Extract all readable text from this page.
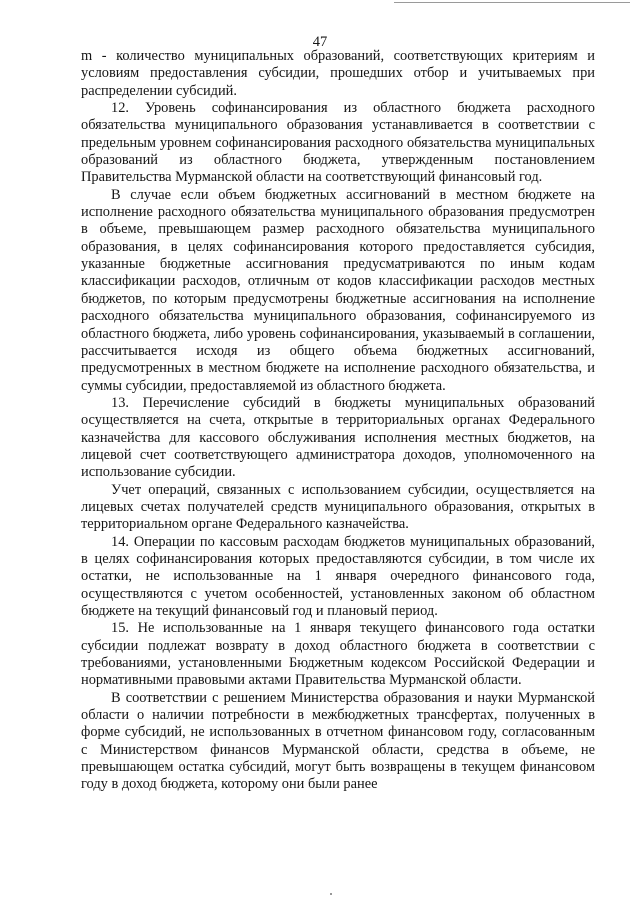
47

m - количество муниципальных образований, соответствующих критериям и условиям предоставления субсидии, прошедших отбор и учитываемых при распределении субсидий.

12. Уровень софинансирования из областного бюджета расходного обязательства муниципального образования устанавливается в соответствии с предельным уровнем софинансирования расходного обязательства муниципальных образований из областного бюджета, утвержденным постановлением Правительства Мурманской области на соответствующий финансовый год.

В случае если объем бюджетных ассигнований в местном бюджете на исполнение расходного обязательства муниципального образования предусмотрен в объеме, превышающем размер расходного обязательства муниципального образования, в целях софинансирования которого предоставляется субсидия, указанные бюджетные ассигнования предусматриваются по иным кодам классификации расходов, отличным от кодов классификации расходов местных бюджетов, по которым предусмотрены бюджетные ассигнования на исполнение расходного обязательства муниципального образования, софинансируемого из областного бюджета, либо уровень софинансирования, указываемый в соглашении, рассчитывается исходя из общего объема бюджетных ассигнований, предусмотренных в местном бюджете на исполнение расходного обязательства, и суммы субсидии, предоставляемой из областного бюджета.

13. Перечисление субсидий в бюджеты муниципальных образований осуществляется на счета, открытые в территориальных органах Федерального казначейства для кассового обслуживания исполнения местных бюджетов, на лицевой счет соответствующего администратора доходов, уполномоченного на использование субсидии.

Учет операций, связанных с использованием субсидии, осуществляется на лицевых счетах получателей средств муниципального образования, открытых в территориальном органе Федерального казначейства.

14. Операции по кассовым расходам бюджетов муниципальных образований, в целях софинансирования которых предоставляются субсидии, в том числе их остатки, не использованные на 1 января очередного финансового года, осуществляются с учетом особенностей, установленных законом об областном бюджете на текущий финансовый год и плановый период.

15. Не использованные на 1 января текущего финансового года остатки субсидии подлежат возврату в доход областного бюджета в соответствии с требованиями, установленными Бюджетным кодексом Российской Федерации и нормативными правовыми актами Правительства Мурманской области.

В соответствии с решением Министерства образования и науки Мурманской области о наличии потребности в межбюджетных трансфертах, полученных в форме субсидий, не использованных в отчетном финансовом году, согласованным с Министерством финансов Мурманской области, средства в объеме, не превышающем остатка субсидий, могут быть возвращены в текущем финансовом году в доход бюджета, которому они были ранее
